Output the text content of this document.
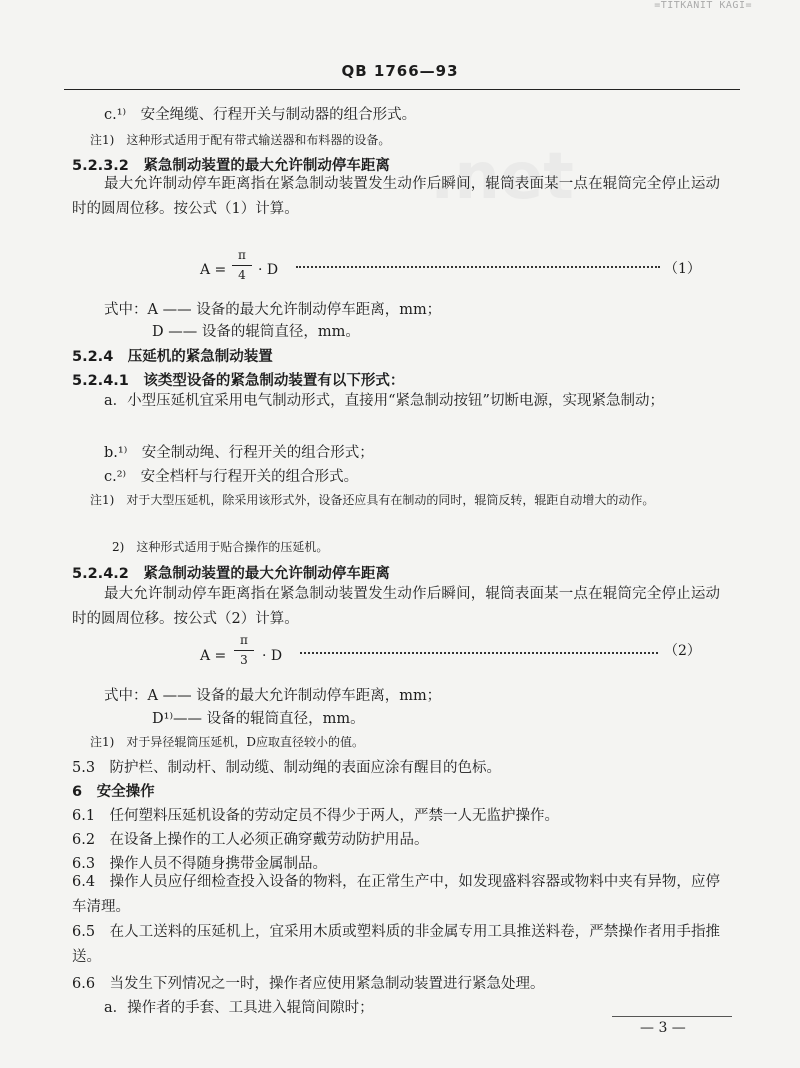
=TITKANIT KAGI=
.net
QB 1766—93
c.¹⁾　安全绳缆、行程开关与制动器的组合形式。
注1)　这种形式适用于配有带式输送器和布料器的设备。
5.2.3.2　紧急制动装置的最大允许制动停车距离
最大允许制动停车距离指在紧急制动装置发生动作后瞬间，辊筒表面某一点在辊筒完全停止运动时的圆周位移。按公式（1）计算。
A =
π
4 · D	（1）
式中：A —— 设备的最大允许制动停车距离，mm；
D —— 设备的辊筒直径，mm。
5.2.4　压延机的紧急制动装置
5.2.4.1　该类型设备的紧急制动装置有以下形式：
a．小型压延机宜采用电气制动形式，直接用“紧急制动按钮”切断电源，实现紧急制动；
b.¹⁾　安全制动绳、行程开关的组合形式；
c.²⁾　安全档杆与行程开关的组合形式。
注1)　对于大型压延机，除采用该形式外，设备还应具有在制动的同时，辊筒反转，辊距自动增大的动作。
2)　这种形式适用于贴合操作的压延机。
5.2.4.2　紧急制动装置的最大允许制动停车距离
最大允许制动停车距离指在紧急制动装置发生动作后瞬间，辊筒表面某一点在辊筒完全停止运动时的圆周位移。按公式（2）计算。
A =
π
3	· D	（2）
式中：A —— 设备的最大允许制动停车距离，mm；
D¹⁾—— 设备的辊筒直径，mm。
注1)　对于异径辊筒压延机，D应取直径较小的值。
5.3　防护栏、制动杆、制动缆、制动绳的表面应涂有醒目的色标。
6　安全操作
6.1　任何塑料压延机设备的劳动定员不得少于两人，严禁一人无监护操作。
6.2　在设备上操作的工人必须正确穿戴劳动防护用品。
6.3　操作人员不得随身携带金属制品。
6.4　操作人员应仔细检查投入设备的物料，在正常生产中，如发现盛料容器或物料中夹有异物，应停车清理。
6.5　在人工送料的压延机上，宜采用木质或塑料质的非金属专用工具推送料卷，严禁操作者用手指推送。
6.6　当发生下列情况之一时，操作者应使用紧急制动装置进行紧急处理。
a．操作者的手套、工具进入辊筒间隙时；
— 3 —
